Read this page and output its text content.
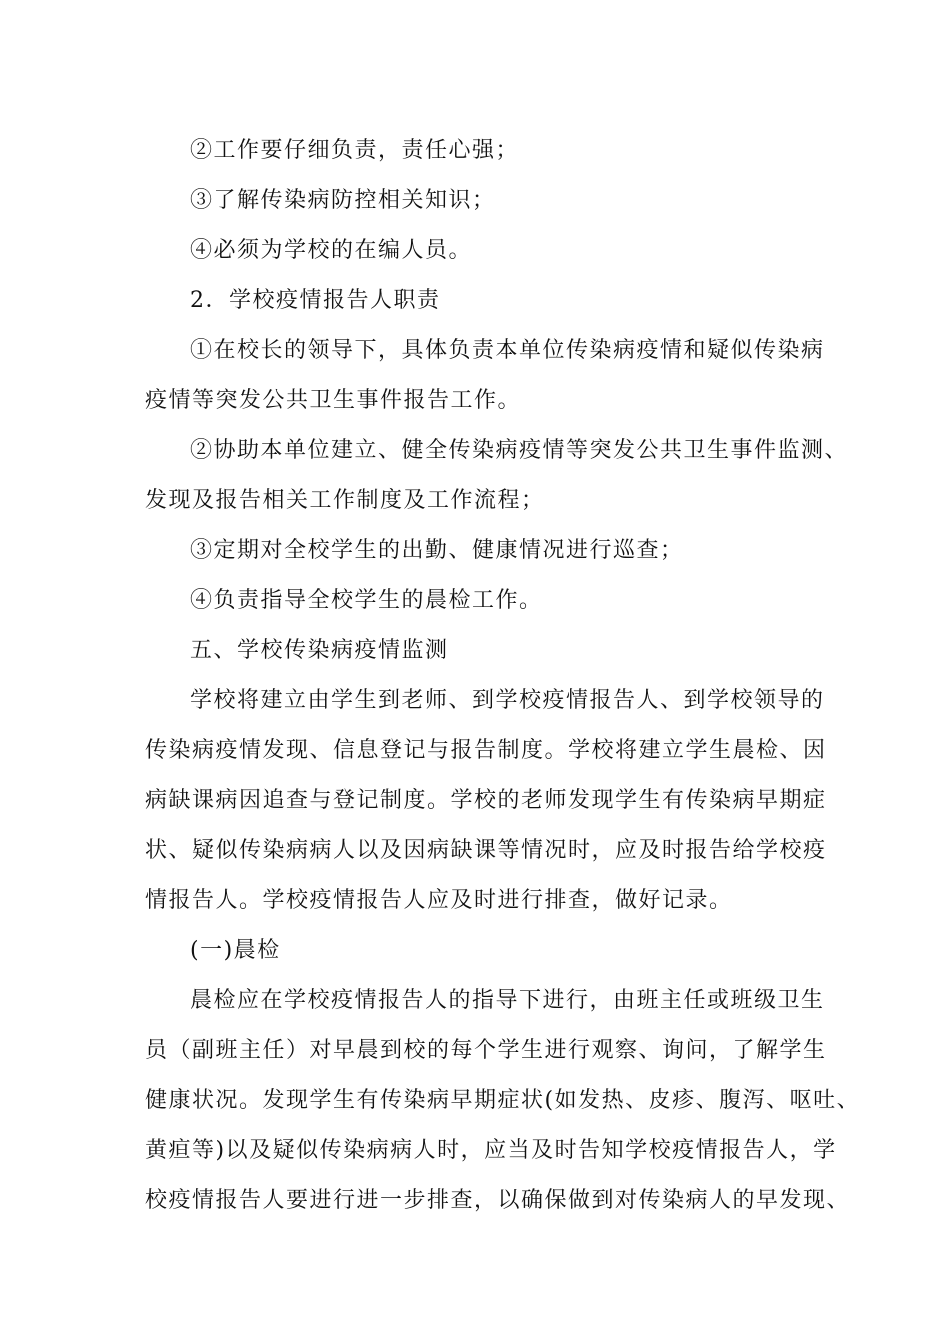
②工作要仔细负责，责任心强；
③了解传染病防控相关知识；
④必须为学校的在编人员。
2．学校疫情报告人职责
①在校长的领导下，具体负责本单位传染病疫情和疑似传染病
疫情等突发公共卫生事件报告工作。
②协助本单位建立、健全传染病疫情等突发公共卫生事件监测、
发现及报告相关工作制度及工作流程；
③定期对全校学生的出勤、健康情况进行巡查；
④负责指导全校学生的晨检工作。
五、学校传染病疫情监测
学校将建立由学生到老师、到学校疫情报告人、到学校领导的
传染病疫情发现、信息登记与报告制度。学校将建立学生晨检、因
病缺课病因追查与登记制度。学校的老师发现学生有传染病早期症
状、疑似传染病病人以及因病缺课等情况时，应及时报告给学校疫
情报告人。学校疫情报告人应及时进行排查，做好记录。
(一)晨检
晨检应在学校疫情报告人的指导下进行，由班主任或班级卫生
员（副班主任）对早晨到校的每个学生进行观察、询问，了解学生
健康状况。发现学生有传染病早期症状(如发热、皮疹、腹泻、呕吐、
黄疸等)以及疑似传染病病人时，应当及时告知学校疫情报告人，学
校疫情报告人要进行进一步排查，以确保做到对传染病人的早发现、
